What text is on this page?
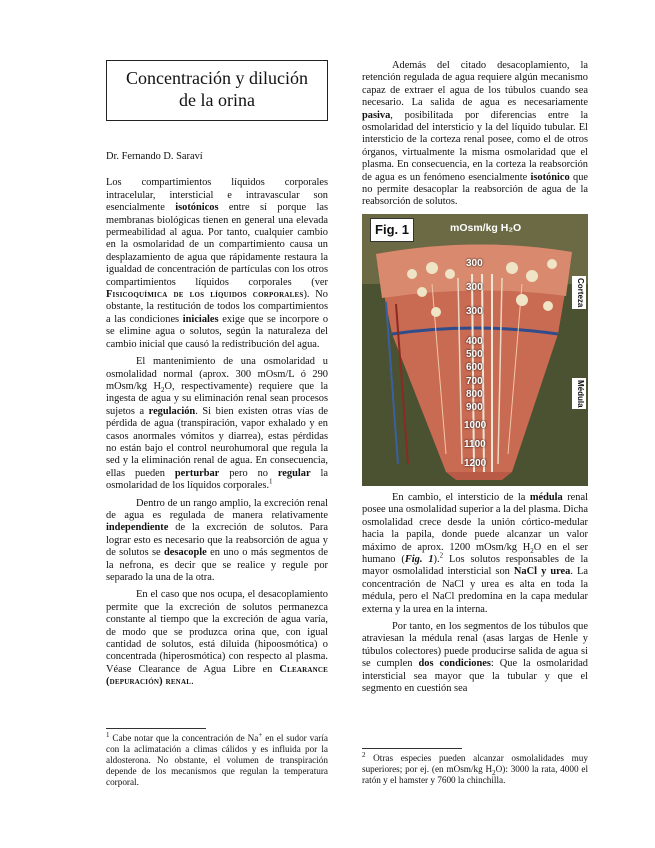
Concentración y dilución
de la orina
Dr. Fernando D. Saraví

Los compartimientos líquidos corporales intracelular, intersticial e intravascular son esencialmente isotónicos entre sí porque las membranas biológicas tienen en general una elevada permeabilidad al agua. Por tanto, cualquier cambio en la osmolaridad de un compartimiento causa un desplazamiento de agua que rápidamente restaura la igualdad de concentración de partículas con los otros compartimientos líquidos corporales (ver Fisicoquímica de los líquidos corporales). No obstante, la restitución de todos los compartimientos a las condiciones iniciales exige que se incorpore o se elimine agua o solutos, según la naturaleza del cambio inicial que causó la redistribución del agua.

El mantenimiento de una osmolaridad u osmolalidad normal (aprox. 300 mOsm/L ó 290 mOsm/kg $H_2O$, respectivamente) requiere que la ingesta de agua y su eliminación renal sean procesos sujetos a regulación. Si bien existen otras vías de pérdida de agua (transpiración, vapor exhalado y en casos anormales vómitos y diarrea), estas pérdidas no están bajo el control neurohumoral que regula la sed y la eliminación renal de agua. En consecuencia, ellas pueden perturbar pero no regular la osmolaridad de los líquidos corporales.$^1$

Dentro de un rango amplio, la excreción renal de agua es regulada de manera relativamente independiente de la excreción de solutos. Para lograr esto es necesario que la reabsorción de agua y de solutos se desacople en uno o más segmentos de la nefrona, es decir que se realice y regule por separado la una de la otra.

En el caso que nos ocupa, el desacoplamiento permite que la excreción de solutos permanezca constante al tiempo que la excreción de agua varía, de modo que se produzca orina que, con igual cantidad de solutos, está diluida (hipoosmótica) o concentrada (hiperosmótica) con respecto al plasma. Véase Clearance de Agua Libre en Clearance (depuración) renal.

$^1$ Cabe notar que la concentración de Na+ en el sudor varía con la aclimatación a climas cálidos y es influida por la aldosterona. No obstante, el volumen de transpiración depende de los mecanismos que regulan la temperatura corporal.

Además del citado desacoplamiento, la retención regulada de agua requiere algún mecanismo capaz de extraer el agua de los túbulos cuando sea necesario. La salida de agua es necesariamente pasiva, posibilitada por diferencias entre la osmolaridad del intersticio y la del líquido tubular. El intersticio de la corteza renal posee, como el de otros órganos, virtualmente la misma osmolaridad que el plasma. En consecuencia, en la corteza la reabsorción de agua es un fenómeno esencialmente isotónico que no permite desacoplar la reabsorción de agua de la reabsorción de solutos.

Fig. 1	mOsm/kg H₂O
300
300
300
400
500
600
700
800
900
1000
1100
1200
Corteza
Médula

En cambio, el intersticio de la médula renal posee una osmolalidad superior a la del plasma. Dicha osmolalidad crece desde la unión córtico-medular hacia la papila, donde puede alcanzar un valor máximo de aprox. 1200 mOsm/kg $H_2O$ en el ser humano (Fig. 1).$^2$ Los solutos responsables de la mayor osmolalidad intersticial son NaCl y urea. La concentración de NaCl y urea es alta en toda la médula, pero el NaCl predomina en la capa medular externa y la urea en la interna.

Por tanto, en los segmentos de los túbulos que atraviesan la médula renal (asas largas de Henle y túbulos colectores) puede producirse salida de agua si se cumplen dos condiciones: Que la osmolaridad intersticial sea mayor que la tubular y que el segmento en cuestión sea

$^2$ Otras especies pueden alcanzar osmolalidades muy superiores; por ej. (en mOsm/kg $H_2O$): 3000 la rata, 4000 el ratón y el hamster y 7600 la chinchilla.
